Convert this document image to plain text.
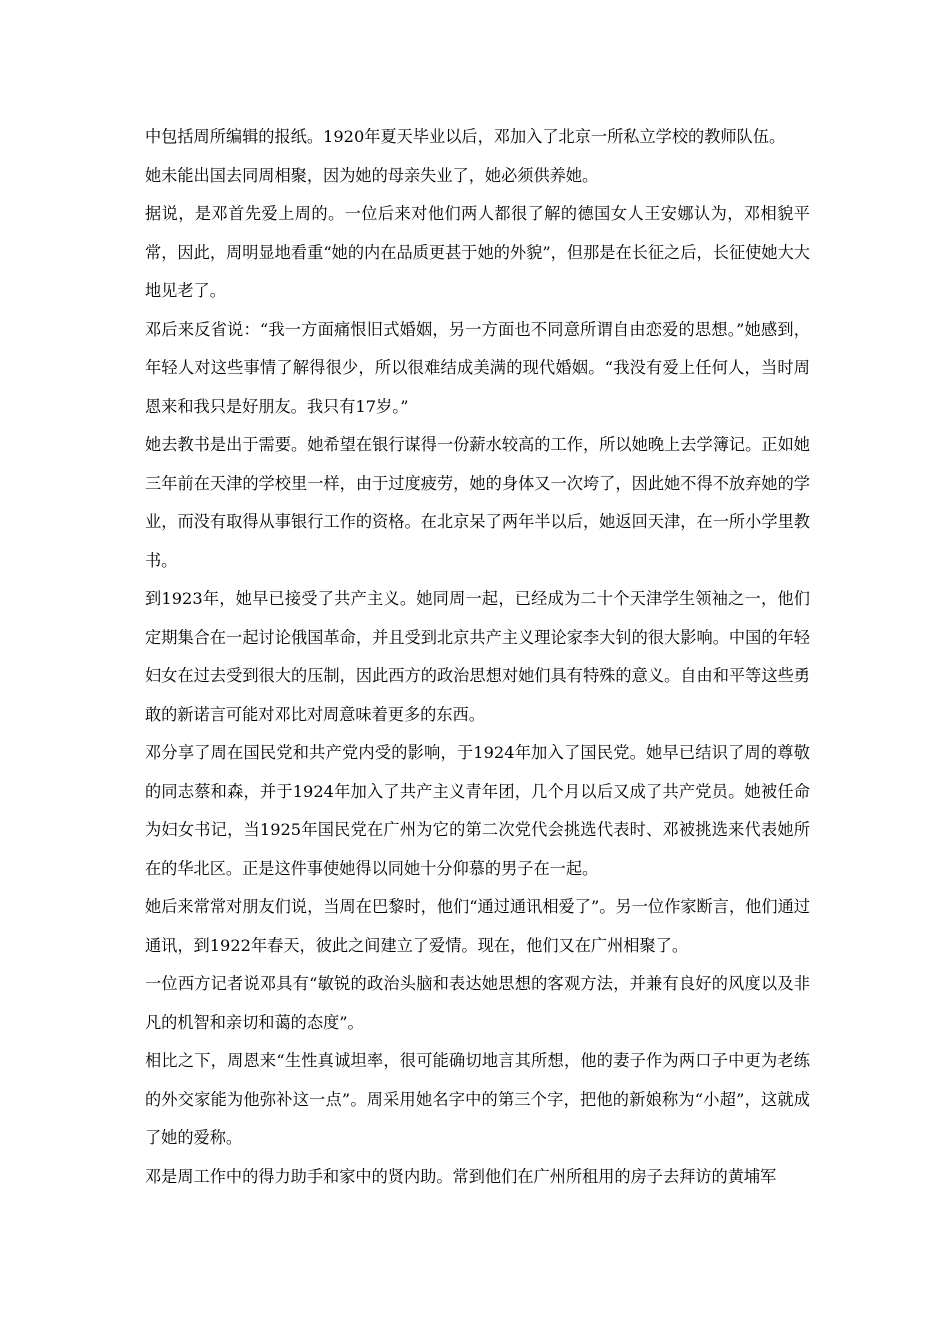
中包括周所编辑的报纸。1920年夏天毕业以后，邓加入了北京一所私立学校的教师队伍。

她未能出国去同周相聚，因为她的母亲失业了，她必须供养她。

据说，是邓首先爱上周的。一位后来对他们两人都很了解的德国女人王安娜认为，邓相貌平常，因此，周明显地看重“她的内在品质更甚于她的外貌”，但那是在长征之后，长征使她大大地见老了。

邓后来反省说：“我一方面痛恨旧式婚姻，另一方面也不同意所谓自由恋爱的思想。”她感到，年轻人对这些事情了解得很少，所以很难结成美满的现代婚姻。“我没有爱上任何人，当时周恩来和我只是好朋友。我只有17岁。”

她去教书是出于需要。她希望在银行谋得一份薪水较高的工作，所以她晚上去学簿记。正如她三年前在天津的学校里一样，由于过度疲劳，她的身体又一次垮了，因此她不得不放弃她的学业，而没有取得从事银行工作的资格。在北京呆了两年半以后，她返回天津，在一所小学里教书。

到1923年，她早已接受了共产主义。她同周一起，已经成为二十个天津学生领袖之一，他们定期集合在一起讨论俄国革命，并且受到北京共产主义理论家李大钊的很大影响。中国的年轻妇女在过去受到很大的压制，因此西方的政治思想对她们具有特殊的意义。自由和平等这些勇敢的新诺言可能对邓比对周意味着更多的东西。

邓分享了周在国民党和共产党内受的影响，于1924年加入了国民党。她早已结识了周的尊敬的同志蔡和森，并于1924年加入了共产主义青年团，几个月以后又成了共产党员。她被任命为妇女书记，当1925年国民党在广州为它的第二次党代会挑选代表时、邓被挑选来代表她所在的华北区。正是这件事使她得以同她十分仰慕的男子在一起。

她后来常常对朋友们说，当周在巴黎时，他们“通过通讯相爱了”。另一位作家断言，他们通过通讯，到1922年春天，彼此之间建立了爱情。现在，他们又在广州相聚了。

一位西方记者说邓具有“敏锐的政治头脑和表达她思想的客观方法，并兼有良好的风度以及非凡的机智和亲切和蔼的态度”。

相比之下，周恩来“生性真诚坦率，很可能确切地言其所想，他的妻子作为两口子中更为老练的外交家能为他弥补这一点”。周采用她名字中的第三个字，把他的新娘称为“小超”，这就成了她的爱称。

邓是周工作中的得力助手和家中的贤内助。常到他们在广州所租用的房子去拜访的黄埔军
